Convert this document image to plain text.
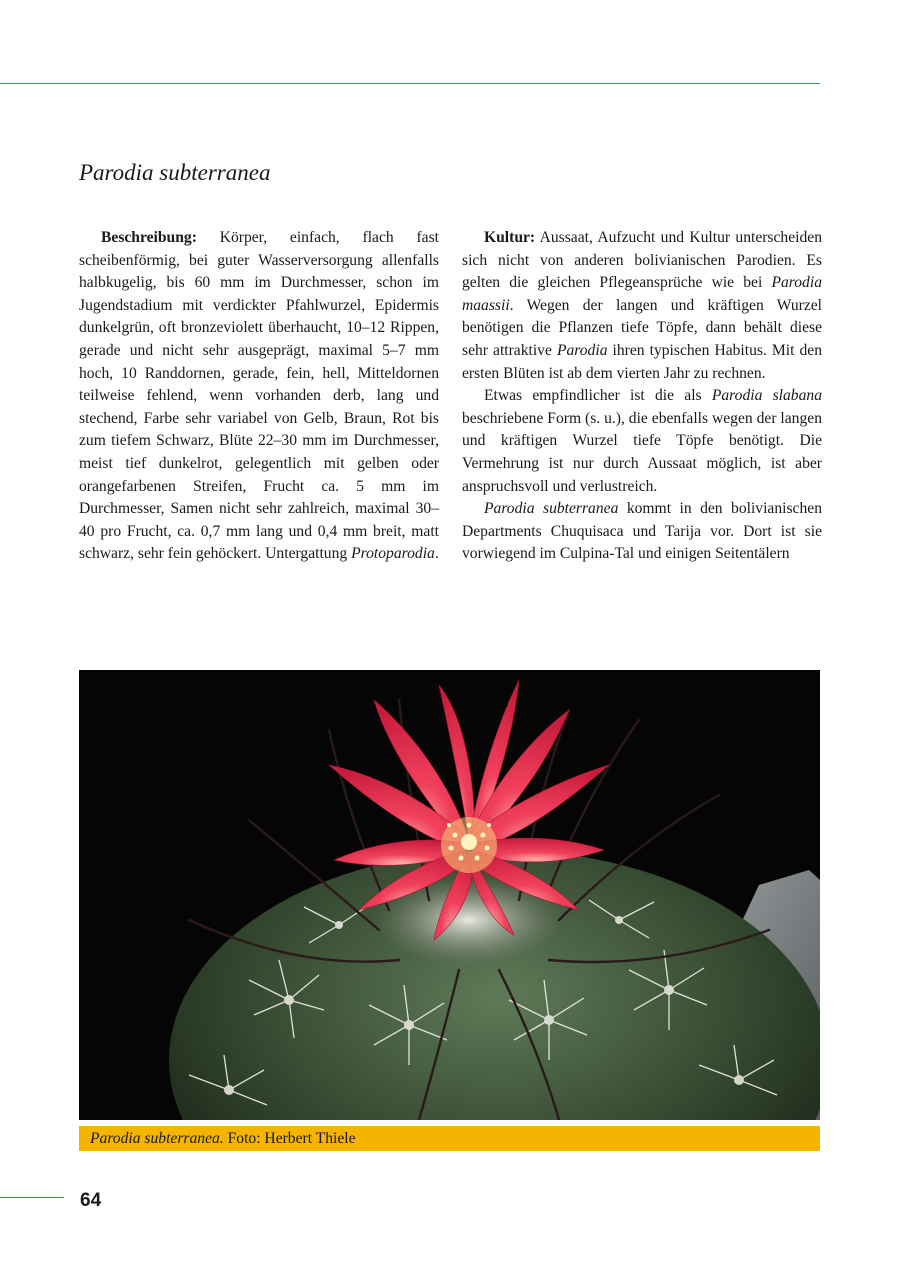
Parodia subterranea

Beschreibung: Körper, einfach, flach fast scheibenförmig, bei guter Wasserversorgung allenfalls halbkugelig, bis 60 mm im Durchmesser, schon im Jugendstadium mit verdickter Pfahlwurzel, Epidermis dunkelgrün, oft bronzeviolett überhaucht, 10–12 Rippen, gerade und nicht sehr ausgeprägt, maximal 5–7 mm hoch, 10 Randdornen, gerade, fein, hell, Mitteldornen teilweise fehlend, wenn vorhanden derb, lang und stechend, Farbe sehr variabel von Gelb, Braun, Rot bis zum tiefem Schwarz, Blüte 22–30 mm im Durchmesser, meist tief dunkelrot, gelegentlich mit gelben oder orangefarbenen Streifen, Frucht ca. 5 mm im Durchmesser, Samen nicht sehr zahlreich, maximal 30–40 pro Frucht, ca. 0,7 mm lang und 0,4 mm breit, matt schwarz, sehr fein gehöckert. Untergattung Protoparodia.

Kultur: Aussaat, Aufzucht und Kultur unterscheiden sich nicht von anderen bolivianischen Parodien. Es gelten die gleichen Pflegeansprüche wie bei Parodia maassii. Wegen der langen und kräftigen Wurzel benötigen die Pflanzen tiefe Töpfe, dann behält diese sehr attraktive Parodia ihren typischen Habitus. Mit den ersten Blüten ist ab dem vierten Jahr zu rechnen.

Etwas empfindlicher ist die als Parodia slabana beschriebene Form (s. u.), die ebenfalls wegen der langen und kräftigen Wurzel tiefe Töpfe benötigt. Die Vermehrung ist nur durch Aussaat möglich, ist aber anspruchsvoll und verlustreich.

Parodia subterranea kommt in den bolivianischen Departments Chuquisaca und Tarija vor. Dort ist sie vorwiegend im Culpina-Tal und einigen Seitentälern

Parodia subterranea. Foto: Herbert Thiele
64
